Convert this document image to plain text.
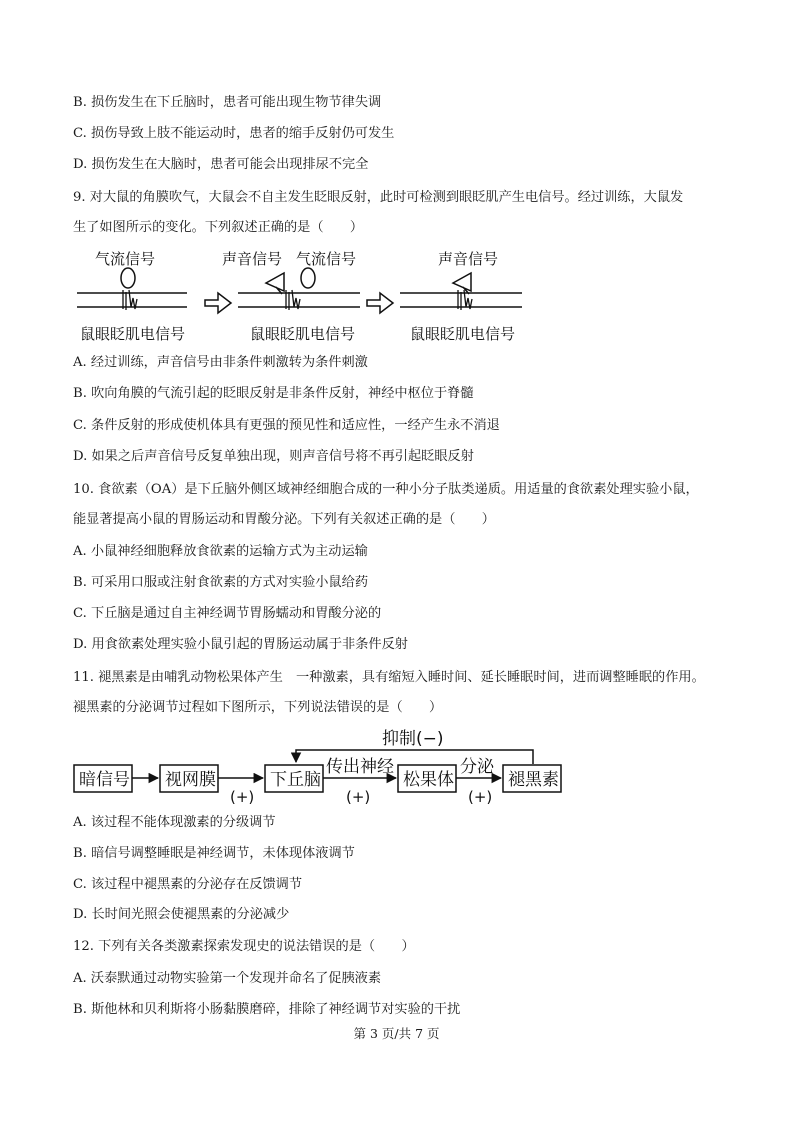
B. 损伤发生在下丘脑时，患者可能出现生物节律失调
C. 损伤导致上肢不能运动时，患者的缩手反射仍可发生
D. 损伤发生在大脑时，患者可能会出现排尿不完全
9. 对大鼠的角膜吹气，大鼠会不自主发生眨眼反射，此时可检测到眼眨肌产生电信号。经过训练，大鼠发
生了如图所示的变化。下列叙述正确的是（　　）
气流信号
鼠眼眨肌电信号
声音信号 气流信号
鼠眼眨肌电信号
声音信号
鼠眼眨肌电信号
A. 经过训练，声音信号由非条件刺激转为条件刺激
B. 吹向角膜的气流引起的眨眼反射是非条件反射，神经中枢位于脊髓
C. 条件反射的形成使机体具有更强的预见性和适应性，一经产生永不消退
D. 如果之后声音信号反复单独出现，则声音信号将不再引起眨眼反射
10. 食欲素（OA）是下丘脑外侧区域神经细胞合成的一种小分子肽类递质。用适量的食欲素处理实验小鼠，
能显著提高小鼠的胃肠运动和胃酸分泌。下列有关叙述正确的是（　　）
A. 小鼠神经细胞释放食欲素的运输方式为主动运输
B. 可采用口服或注射食欲素的方式对实验小鼠给药
C. 下丘脑是通过自主神经调节胃肠蠕动和胃酸分泌的
D. 用食欲素处理实验小鼠引起的胃肠运动属于非条件反射
11. 褪黑素是由哺乳动物松果体产生　一种激素，具有缩短入睡时间、延长睡眠时间，进而调整睡眠的作用。
褪黑素的分泌调节过程如下图所示，下列说法错误的是（　　）
抑制(−)
暗信号 视网膜	下丘脑	松果体	褪黑素
传出神经	分泌
(+)	(+)	(+)
A. 该过程不能体现激素的分级调节
B. 暗信号调整睡眠是神经调节，未体现体液调节
C. 该过程中褪黑素的分泌存在反馈调节
D. 长时间光照会使褪黑素的分泌减少
12. 下列有关各类激素探索发现史的说法错误的是（　　）
A. 沃泰默通过动物实验第一个发现并命名了促胰液素
B. 斯他林和贝利斯将小肠黏膜磨碎，排除了神经调节对实验的干扰
第 3 页/共 7 页
